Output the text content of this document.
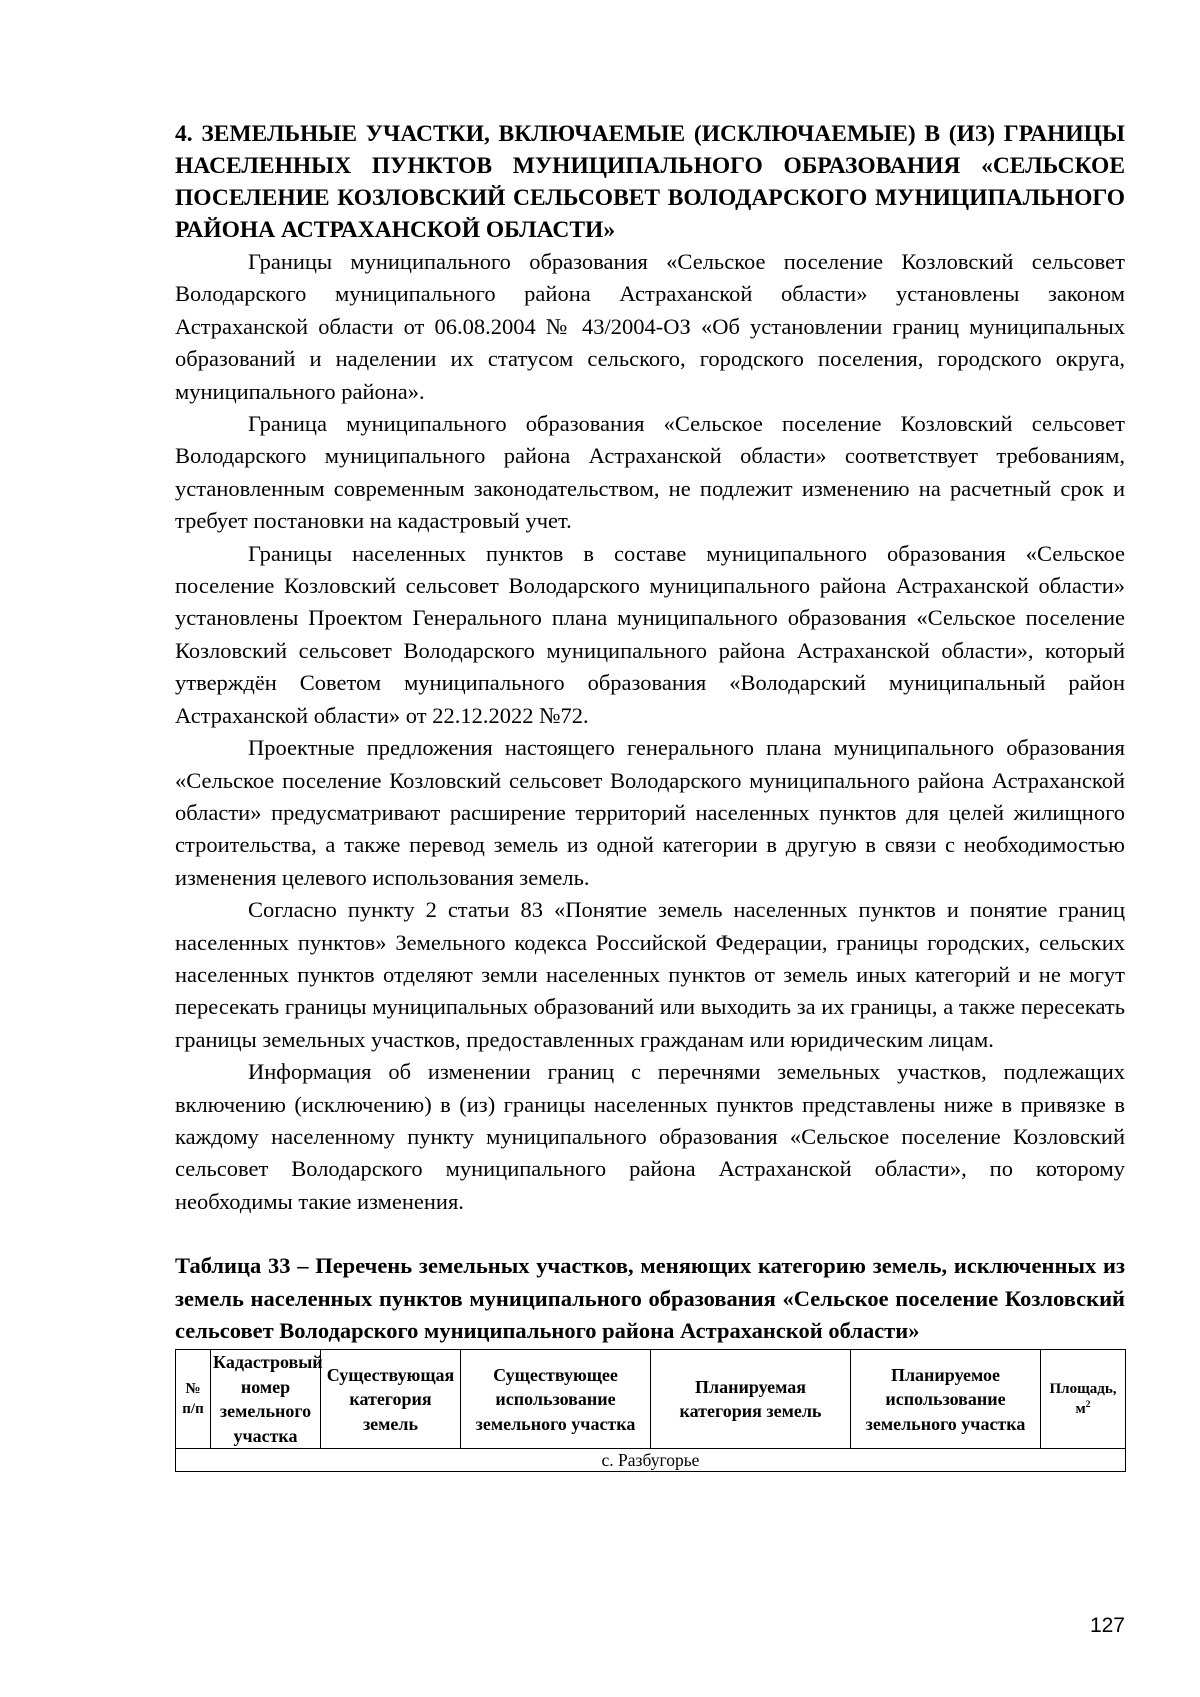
4. ЗЕМЕЛЬНЫЕ УЧАСТКИ, ВКЛЮЧАЕМЫЕ (ИСКЛЮЧАЕМЫЕ) В (ИЗ) ГРАНИЦЫ НАСЕЛЕННЫХ ПУНКТОВ МУНИЦИПАЛЬНОГО ОБРАЗОВАНИЯ «СЕЛЬСКОЕ ПОСЕЛЕНИЕ КОЗЛОВСКИЙ СЕЛЬСОВЕТ ВОЛОДАРСКОГО МУНИЦИПАЛЬНОГО РАЙОНА АСТРАХАНСКОЙ ОБЛАСТИ»

Границы муниципального образования «Сельское поселение Козловский сельсовет Володарского муниципального района Астраханской области» установлены законом Астраханской области от 06.08.2004 № 43/2004-ОЗ «Об установлении границ муниципальных образований и наделении их статусом сельского, городского поселения, городского округа, муниципального района».

Граница муниципального образования «Сельское поселение Козловский сельсовет Володарского муниципального района Астраханской области» соответствует требованиям, установленным современным законодательством, не подлежит изменению на расчетный срок и требует постановки на кадастровый учет.

Границы населенных пунктов в составе муниципального образования «Сельское поселение Козловский сельсовет Володарского муниципального района Астраханской области» установлены Проектом Генерального плана муниципального образования «Сельское поселение Козловский сельсовет Володарского муниципального района Астраханской области», который утверждён Советом муниципального образования «Володарский муниципальный район Астраханской области» от 22.12.2022 №72.

Проектные предложения настоящего генерального плана муниципального образования «Сельское поселение Козловский сельсовет Володарского муниципального района Астраханской области» предусматривают расширение территорий населенных пунктов для целей жилищного строительства, а также перевод земель из одной категории в другую в связи с необходимостью изменения целевого использования земель.

Согласно пункту 2 статьи 83 «Понятие земель населенных пунктов и понятие границ населенных пунктов» Земельного кодекса Российской Федерации, границы городских, сельских населенных пунктов отделяют земли населенных пунктов от земель иных категорий и не могут пересекать границы муниципальных образований или выходить за их границы, а также пересекать границы земельных участков, предоставленных гражданам или юридическим лицам.

Информация об изменении границ с перечнями земельных участков, подлежащих включению (исключению) в (из) границы населенных пунктов представлены ниже в привязке в каждому населенному пункту муниципального образования «Сельское поселение Козловский сельсовет Володарского муниципального района Астраханской области», по которому необходимы такие изменения.

Таблица 33 – Перечень земельных участков, меняющих категорию земель, исключенных из земель населенных пунктов муниципального образования «Сельское поселение Козловский сельсовет Володарского муниципального района Астраханской области»

№ п/п	Кадастровый номер земельного участка	Существующая категория земель	Существующее использование земельного участка	Планируемая категория земель	Планируемое использование земельного участка	Площадь, $м^2$
с. Разбугорье
127
